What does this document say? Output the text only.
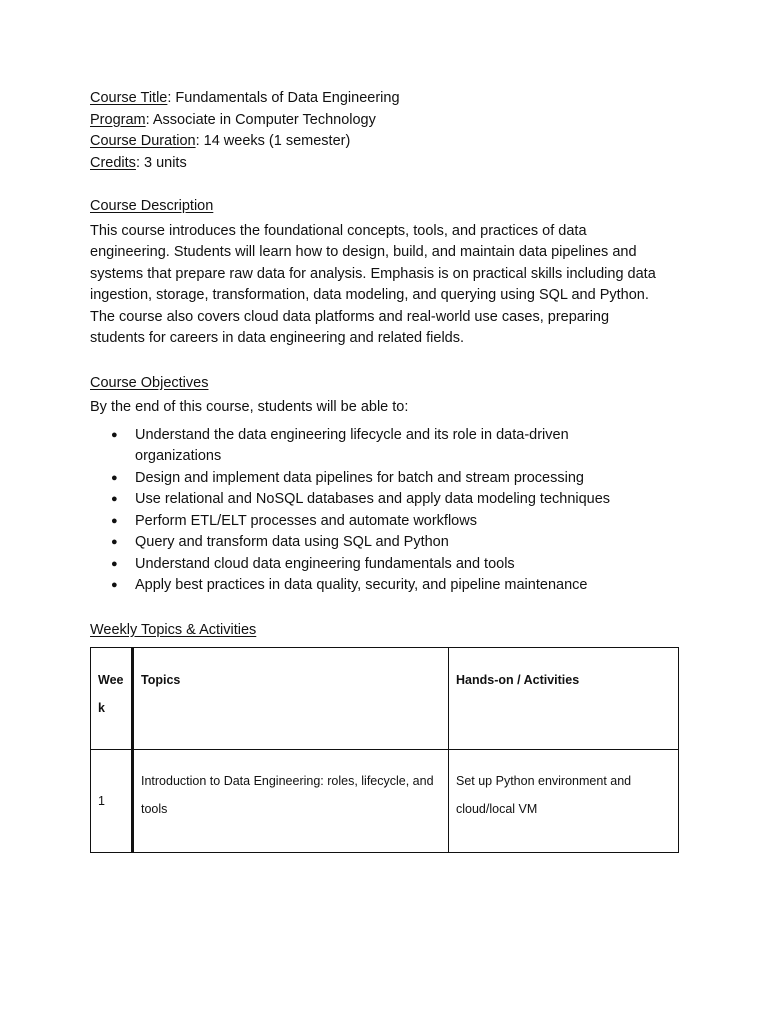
Course Title: Fundamentals of Data Engineering
Program: Associate in Computer Technology
Course Duration: 14 weeks (1 semester)
Credits: 3 units
Course Description

This course introduces the foundational concepts, tools, and practices of data engineering. Students will learn how to design, build, and maintain data pipelines and systems that prepare raw data for analysis. Emphasis is on practical skills including data ingestion, storage, transformation, data modeling, and querying using SQL and Python. The course also covers cloud data platforms and real-world use cases, preparing students for careers in data engineering and related fields.

Course Objectives

By the end of this course, students will be able to:

● Understand the data engineering lifecycle and its role in data-driven organizations
● Design and implement data pipelines for batch and stream processing
● Use relational and NoSQL databases and apply data modeling techniques
● Perform ETL/ELT processes and automate workflows
● Query and transform data using SQL and Python
● Understand cloud data engineering fundamentals and tools
● Apply best practices in data quality, security, and pipeline maintenance
Weekly Topics & Activities
Week	Topics	Hands-on / Activities
1	Introduction to Data Engineering: roles, lifecycle, and tools	Set up Python environment and cloud/local VM
